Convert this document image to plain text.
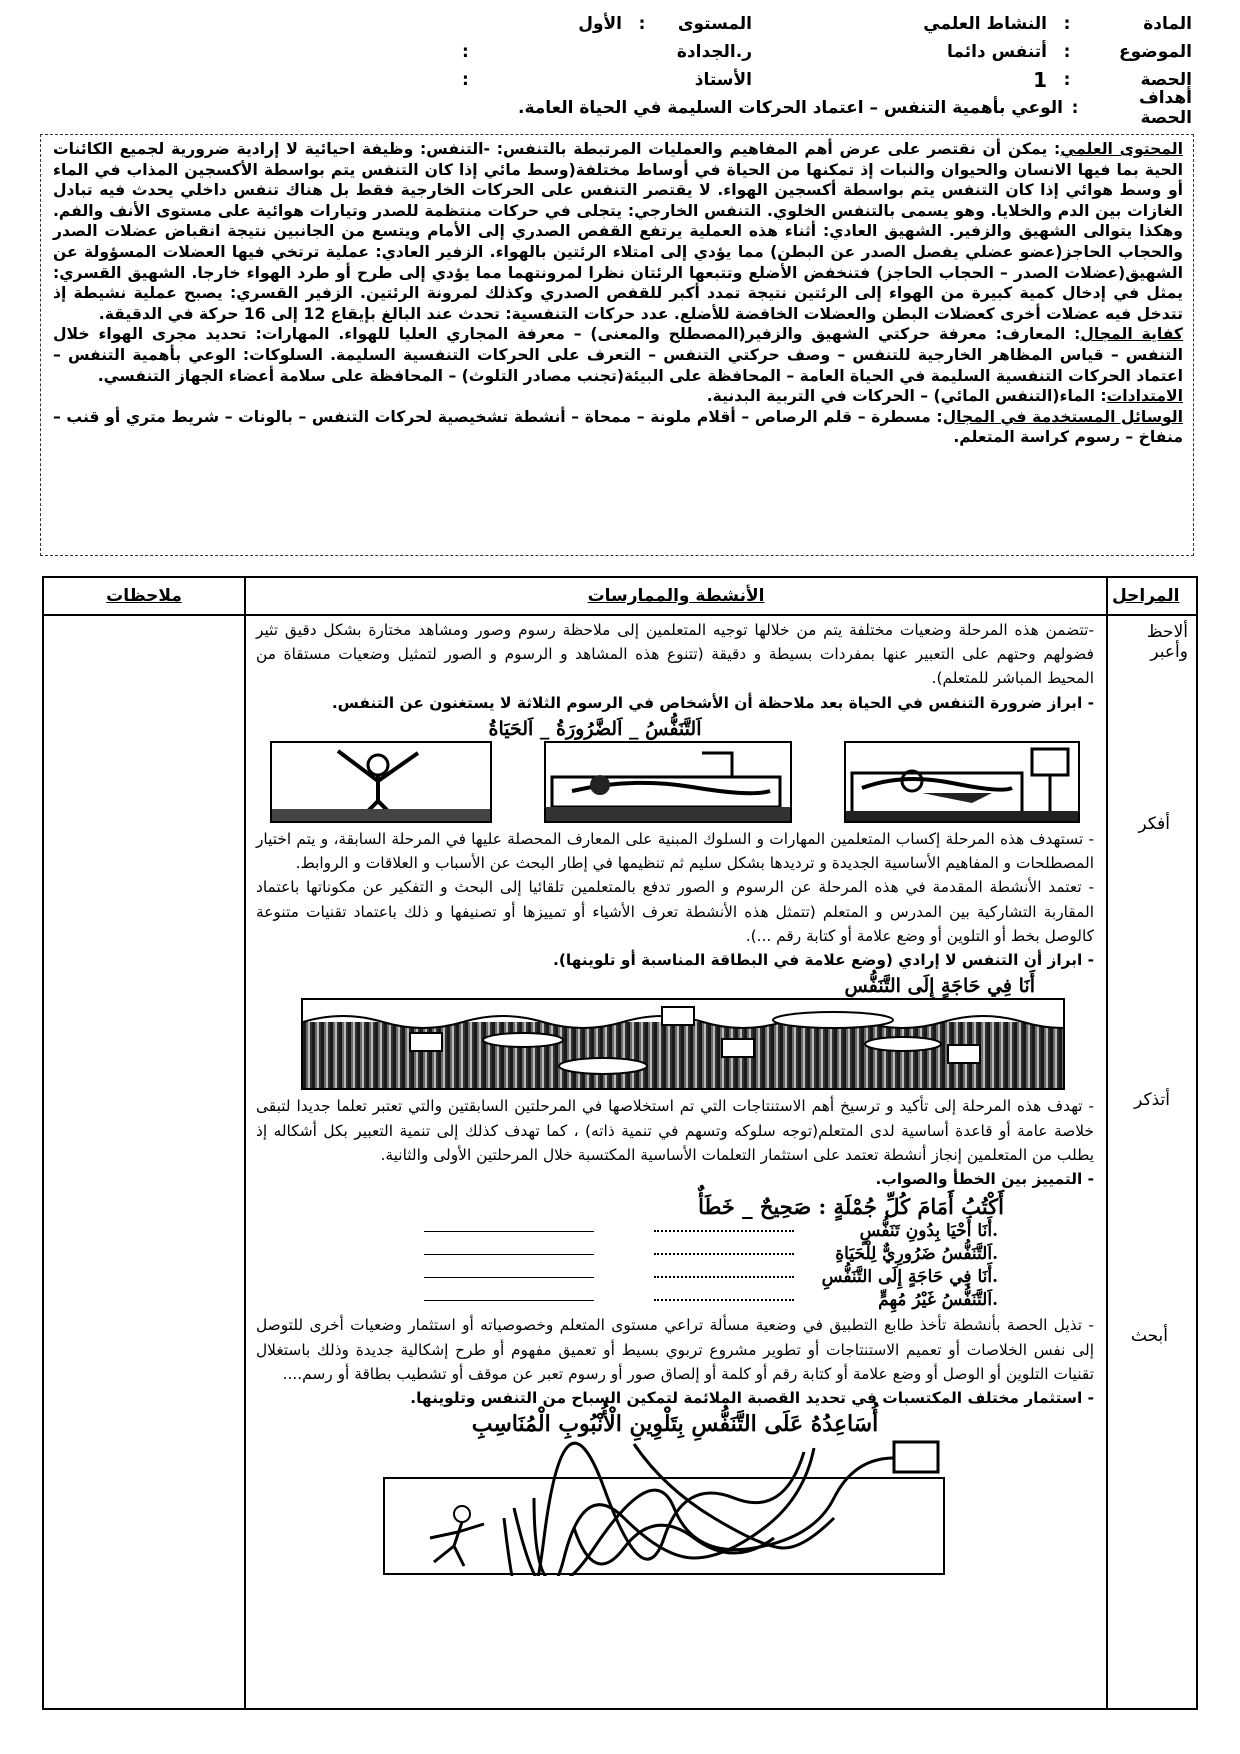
المادة
:
النشاط العلمي
المستوى
:
الأول
الموضوع
:
أتنفس دائما
ر.الجدادة
:
الحصة
:
1
الأستاذ
:
أهداف الحصة
:
الوعي بأهمية التنفس – اعتماد الحركات السليمة في الحياة العامة.

المحتوى العلمي: يمكن أن نقتصر على عرض أهم المفاهيم والعمليات المرتبطة بالتنفس: -التنفس: وظيفة احيائية لا إرادية ضرورية لجميع الكائنات الحية بما فيها الانسان والحيوان والنبات إذ تمكنها من الحياة في أوساط مختلفة(وسط مائي إذا كان التنفس يتم بواسطة الأكسجين المذاب في الماء أو وسط هوائي إذا كان التنفس يتم بواسطة أكسجين الهواء. لا يقتصر التنفس على الحركات الخارجية فقط بل هناك تنفس داخلي يحدث فيه تبادل الغازات بين الدم والخلايا. وهو يسمى بالتنفس الخلوي. التنفس الخارجي: يتجلى في حركات منتظمة للصدر وتيارات هوائية على مستوى الأنف والفم. وهكذا يتوالى الشهيق والزفير. الشهيق العادي: أثناء هذه العملية يرتفع القفص الصدري إلى الأمام ويتسع من الجانبين نتيجة انقباض عضلات الصدر والحجاب الحاجز(عضو عضلي يفصل الصدر عن البطن) مما يؤدي إلى امتلاء الرئتين بالهواء. الزفير العادي: عملية ترتخي فيها العضلات المسؤولة عن الشهيق(عضلات الصدر – الحجاب الحاجز) فتنخفض الأضلع وتتبعها الرئتان نظرا لمرونتهما مما يؤدي إلى طرح أو طرد الهواء خارجا. الشهيق القسري: يمثل في إدخال كمية كبيرة من الهواء إلى الرئتين نتيجة تمدد أكبر للقفص الصدري وكذلك لمرونة الرئتين. الزفير القسري: يصبح عملية نشيطة إذ تتدخل فيه عضلات أخرى كعضلات البطن والعضلات الخافضة للأضلع. عدد حركات التنفسية: تحدث عند البالغ بإيقاع 12 إلى 16 حركة في الدقيقة.

كفاية المجال: المعارف: معرفة حركتي الشهيق والزفير(المصطلح والمعنى) – معرفة المجاري العليا للهواء. المهارات: تحديد مجرى الهواء خلال التنفس – قياس المظاهر الخارجية للتنفس – وصف حركتي التنفس – التعرف على الحركات التنفسية السليمة. السلوكات: الوعي بأهمية التنفس – اعتماد الحركات التنفسية السليمة في الحياة العامة – المحافظة على البيئة(تجنب مصادر التلوث) – المحافظة على سلامة أعضاء الجهاز التنفسي.

الامتدادات: الماء(التنفس المائي) – الحركات في التربية البدنية.

الوسائل المستخدمة في المجال: مسطرة – قلم الرصاص – أقلام ملونة – ممحاة – أنشطة تشخيصية لحركات التنفس – بالونات – شريط متري أو قنب – منفاخ – رسوم كراسة المتعلم.

المراحل
ألاحظ وأعبر
أفكر
أتذكر
أبحث
الأنشطة والممارسات

-تتضمن هذه المرحلة وضعيات مختلفة يتم من خلالها توجيه المتعلمين إلى ملاحظة رسوم وصور ومشاهد مختارة بشكل دقيق تثير فضولهم وحتهم على التعبير عنها بمفردات بسيطة و دقيقة (تتنوع هذه المشاهد و الرسوم و الصور لتمثيل وضعيات مستقاة من المحيط المباشر للمتعلم).

- ابراز ضرورة التنفس في الحياة بعد ملاحظة أن الأشخاص في الرسوم الثلاثة لا يستغنون عن التنفس.

اَلتَّنَفُّسُ _ اَلضَّرُورَةُ _ اَلحَيَاةُ

- تستهدف هذه المرحلة إكساب المتعلمين المهارات و السلوك المبنية على المعارف المحصلة عليها في المرحلة السابقة، و يتم اختيار المصطلحات و المفاهيم الأساسية الجديدة و ترديدها بشكل سليم ثم تنظيمها في إطار البحث عن الأسباب و العلاقات و الروابط.

- تعتمد الأنشطة المقدمة في هذه المرحلة عن الرسوم و الصور تدفع بالمتعلمين تلقائيا إلى البحث و التفكير عن مكوناتها باعتماد المقاربة التشاركية بين المدرس و المتعلم (تتمثل هذه الأنشطة تعرف الأشياء أو تمييزها أو تصنيفها و ذلك باعتماد تقنيات متنوعة كالوصل بخط أو التلوين أو وضع علامة أو كتابة رقم ...).

- ابراز أن التنفس لا إرادي (وضع علامة في البطاقة المناسبة أو تلوينها).

أَنَا فِي حَاجَةٍ إِلَى التَّنَفُّسِ

- تهدف هذه المرحلة إلى تأكيد و ترسيخ أهم الاستنتاجات التي تم استخلاصها في المرحلتين السابقتين والتي تعتبر تعلما جديدا لتبقى خلاصة عامة أو قاعدة أساسية لدى المتعلم(توجه سلوكه وتسهم في تنمية ذاته) ، كما تهدف كذلك إلى تنمية التعبير بكل أشكاله إذ يطلب من المتعلمين إنجاز أنشطة تعتمد على استثمار التعلمات الأساسية المكتسبة خلال المرحلتين الأولى والثانية.

- التمييز بين الخطأ والصواب.

أَكْتُبُ أَمَامَ كُلِّ جُمْلَةٍ : صَحِيحٌ _ خَطَأٌ
.أَنَا أَحْيَا بِدُونِ تَنَفُّسٍ
.اَلتَّنَفُّسُ ضَرُورِيٌّ لِلْحَيَاةِ
.أَنَا فِي حَاجَةٍ إِلَى التَّنَفُّسِ
.اَلتَّنَفُّسُ غَيْرُ مُهِمٍّ

- تذيل الحصة بأنشطة تأخذ طابع التطبيق في وضعية مسألة تراعي مستوى المتعلم وخصوصياته أو استثمار وضعيات أخرى للتوصل إلى نفس الخلاصات أو تعميم الاستنتاجات أو تطوير مشروع تربوي بسيط أو تعميق مفهوم أو طرح إشكالية جديدة وذلك باستغلال تقنيات التلوين أو الوصل أو وضع علامة أو كتابة رقم أو كلمة أو إلصاق صور أو رسوم تعبر عن موقف أو تشطيب بطاقة أو رسم....

- استثمار مختلف المكتسبات في تحديد القصبة الملائمة لتمكين السباح من التنفس وتلوينها.

أُسَاعِدُهُ عَلَى التَّنَفُّسِ بِتَلْوِينِ الْأُنْبُوبِ الْمُنَاسِبِ
ملاحظات
